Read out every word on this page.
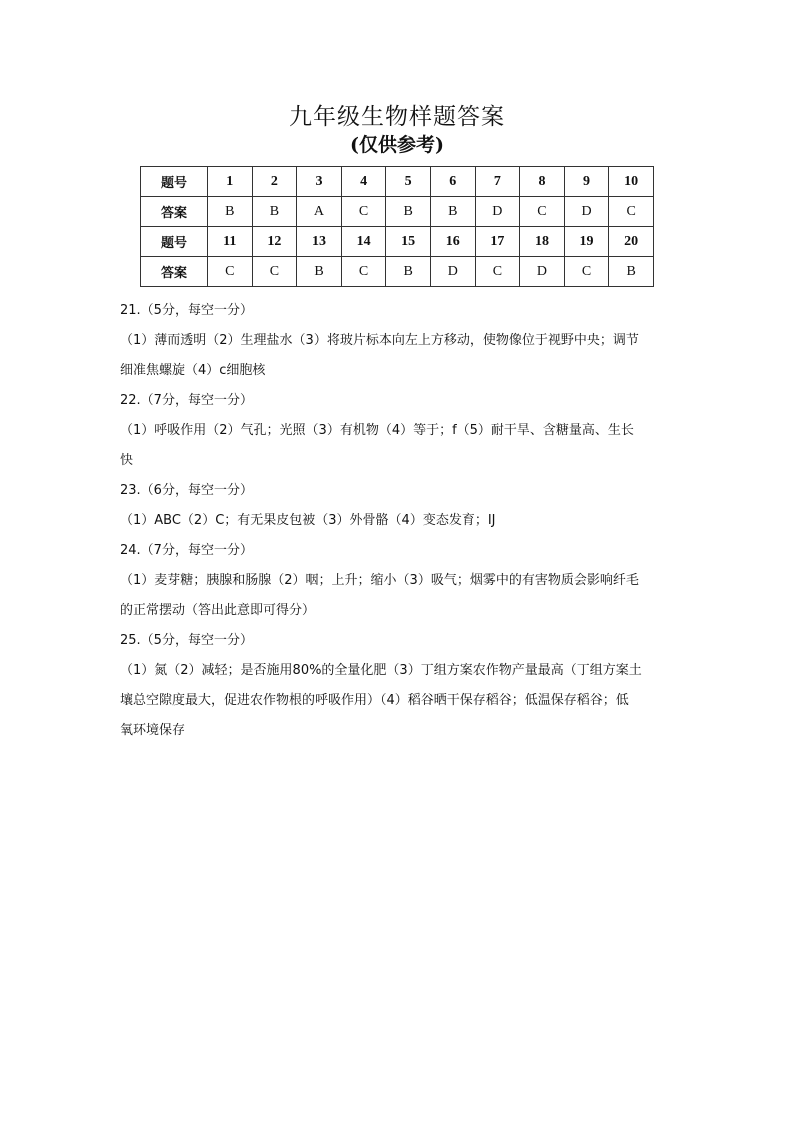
九年级生物样题答案
(仅供参考)
题号	1	2	3	4	5	6	7	8	9	10
答案	B	B	A	C	B	B	D	C	D	C
题号	11	12	13	14	15	16	17	18	19	20
答案	C	C	B	C	B	D	C	D	C	B

21.（5分，每空一分）

（1）薄而透明（2）生理盐水（3）将玻片标本向左上方移动，使物像位于视野中央；调节

细准焦螺旋（4）c细胞核

22.（7分，每空一分）

（1）呼吸作用（2）气孔；光照（3）有机物（4）等于；f（5）耐干旱、含糖量高、生长

快

23.（6分，每空一分）

（1）ABC（2）C；有无果皮包被（3）外骨骼（4）变态发育；IJ

24.（7分，每空一分）

（1）麦芽糖；胰腺和肠腺（2）咽；上升；缩小（3）吸气；烟雾中的有害物质会影响纤毛

的正常摆动（答出此意即可得分）

25.（5分，每空一分）

（1）氮（2）减轻；是否施用80%的全量化肥（3）丁组方案农作物产量最高（丁组方案土

壤总空隙度最大，促进农作物根的呼吸作用）（4）稻谷晒干保存稻谷；低温保存稻谷；低

氧环境保存
